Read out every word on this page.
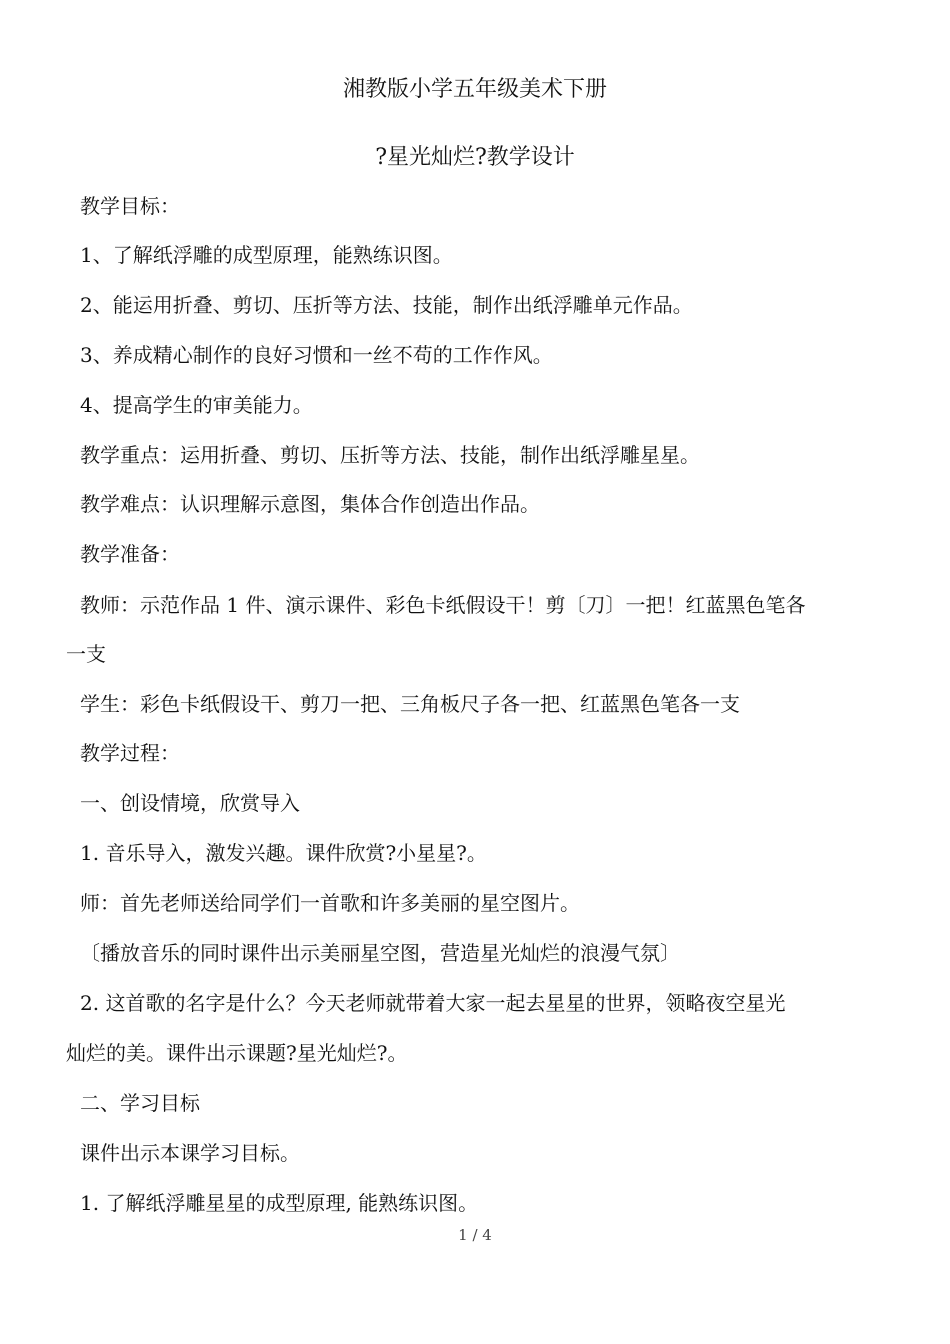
湘教版小学五年级美术下册
?星光灿烂?教学设计
教学目标：
1、了解纸浮雕的成型原理，能熟练识图。
2、能运用折叠、剪切、压折等方法、技能，制作出纸浮雕单元作品。
3、养成精心制作的良好习惯和一丝不苟的工作作风。
4、提高学生的审美能力。
教学重点：运用折叠、剪切、压折等方法、技能，制作出纸浮雕星星。
教学难点：认识理解示意图，集体合作创造出作品。
教学准备：
教师：示范作品 1 件、演示课件、彩色卡纸假设干！剪〔刀〕一把！红蓝黑色笔各
一支
学生：彩色卡纸假设干、剪刀一把、三角板尺子各一把、红蓝黑色笔各一支
教学过程：
一、创设情境，欣赏导入
1. 音乐导入，激发兴趣。课件欣赏?小星星?。
师：首先老师送给同学们一首歌和许多美丽的星空图片。
〔播放音乐的同时课件出示美丽星空图，营造星光灿烂的浪漫气氛〕
2. 这首歌的名字是什么？今天老师就带着大家一起去星星的世界，领略夜空星光
灿烂的美。课件出示课题?星光灿烂?。
二、学习目标
课件出示本课学习目标。
1. 了解纸浮雕星星的成型原理, 能熟练识图。
1 / 4
